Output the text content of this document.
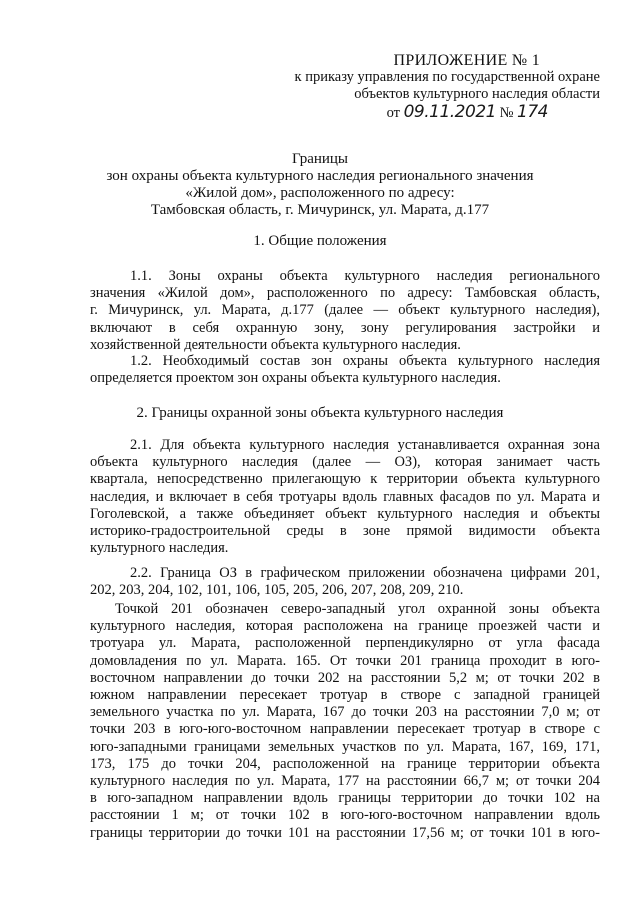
ПРИЛОЖЕНИЕ № 1
к приказу управления по государственной охране
объектов культурного наследия области
от 09.11.2021 № 174
Границы
зон охраны объекта культурного наследия регионального значения
«Жилой дом», расположенного по адресу:
Тамбовская область, г. Мичуринск, ул. Марата, д.177
1. Общие положения
1.1. Зоны охраны объекта культурного наследия регионального
значения «Жилой дом», расположенного по адресу: Тамбовская область,
г. Мичуринск, ул. Марата, д.177 (далее — объект культурного наследия),
включают в себя охранную зону, зону регулирования застройки и
хозяйственной деятельности объекта культурного наследия.
1.2. Необходимый состав зон охраны объекта культурного наследия
определяется проектом зон охраны объекта культурного наследия.
2. Границы охранной зоны объекта культурного наследия
2.1. Для объекта культурного наследия устанавливается охранная зона
объекта культурного наследия (далее — ОЗ), которая занимает часть
квартала, непосредственно прилегающую к территории объекта культурного
наследия, и включает в себя тротуары вдоль главных фасадов по ул. Марата и
Гоголевской, а также объединяет объект культурного наследия и объекты
историко-градостроительной среды в зоне прямой видимости объекта
культурного наследия.
2.2. Граница ОЗ в графическом приложении обозначена цифрами 201,
202, 203, 204, 102, 101, 106, 105, 205, 206, 207, 208, 209, 210.
Точкой 201 обозначен северо-западный угол охранной зоны объекта
культурного наследия, которая расположена на границе проезжей части и
тротуара ул. Марата, расположенной перпендикулярно от угла фасада
домовладения по ул. Марата. 165. От точки 201 граница проходит в юго-
восточном направлении до точки 202 на расстоянии 5,2 м; от точки 202 в
южном направлении пересекает тротуар в створе с западной границей
земельного участка по ул. Марата, 167 до точки 203 на расстоянии 7,0 м; от
точки 203 в юго-юго-восточном направлении пересекает тротуар в створе с
юго-западными границами земельных участков по ул. Марата, 167, 169, 171,
173, 175 до точки 204, расположенной на границе территории объекта
культурного наследия по ул. Марата, 177 на расстоянии 66,7 м; от точки 204
в юго-западном направлении вдоль границы территории до точки 102 на
расстоянии 1 м; от точки 102 в юго-юго-восточном направлении вдоль
границы территории до точки 101 на расстоянии 17,56 м; от точки 101 в юго-
